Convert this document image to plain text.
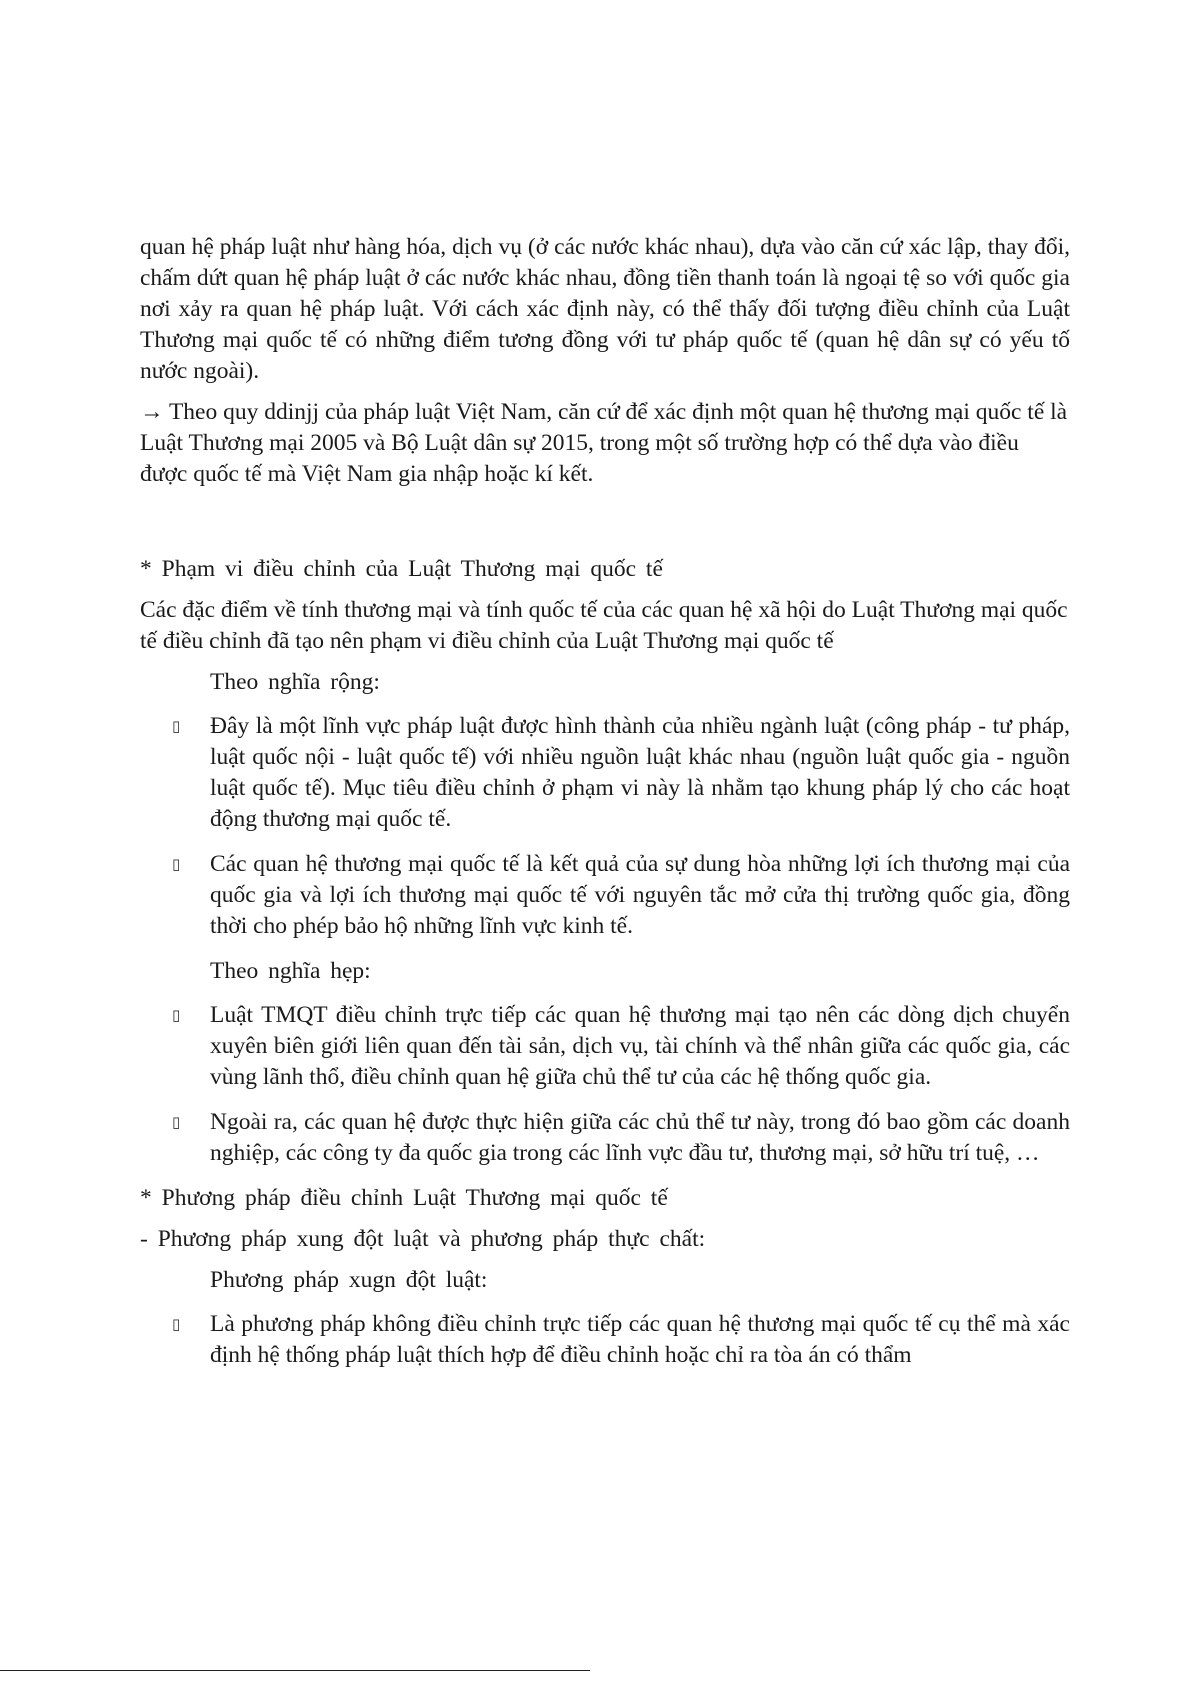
quan hệ pháp luật như hàng hóa, dịch vụ (ở các nước khác nhau), dựa vào căn cứ xác lập, thay đổi, chấm dứt quan hệ pháp luật ở các nước khác nhau, đồng tiền thanh toán là ngoại tệ so với quốc gia nơi xảy ra quan hệ pháp luật. Với cách xác định này, có thể thấy đối tượng điều chỉnh của Luật Thương mại quốc tế có những điểm tương đồng với tư pháp quốc tế (quan hệ dân sự có yếu tố nước ngoài).

→ Theo quy ddinjj của pháp luật Việt Nam, căn cứ để xác định một quan hệ thương mại quốc tế là Luật Thương mại 2005 và Bộ Luật dân sự 2015, trong một số trường hợp có thể dựa vào điều được quốc tế mà Việt Nam gia nhập hoặc kí kết.

* Phạm vi điều chỉnh của Luật Thương mại quốc tế

Các đặc điểm về tính thương mại và tính quốc tế của các quan hệ xã hội do Luật Thương mại quốc tế điều chỉnh đã tạo nên phạm vi điều chỉnh của Luật Thương mại quốc tế

Theo nghĩa rộng:

▯ Đây là một lĩnh vực pháp luật được hình thành của nhiều ngành luật (công pháp - tư pháp, luật quốc nội - luật quốc tế) với nhiều nguồn luật khác nhau (nguồn luật quốc gia - nguồn luật quốc tế). Mục tiêu điều chỉnh ở phạm vi này là nhằm tạo khung pháp lý cho các hoạt động thương mại quốc tế.
▯ Các quan hệ thương mại quốc tế là kết quả của sự dung hòa những lợi ích thương mại của quốc gia và lợi ích thương mại quốc tế với nguyên tắc mở cửa thị trường quốc gia, đồng thời cho phép bảo hộ những lĩnh vực kinh tế.

Theo nghĩa hẹp:

▯ Luật TMQT điều chỉnh trực tiếp các quan hệ thương mại tạo nên các dòng dịch chuyển xuyên biên giới liên quan đến tài sản, dịch vụ, tài chính và thể nhân giữa các quốc gia, các vùng lãnh thổ, điều chỉnh quan hệ giữa chủ thể tư của các hệ thống quốc gia.
▯ Ngoài ra, các quan hệ được thực hiện giữa các chủ thể tư này, trong đó bao gồm các doanh nghiệp, các công ty đa quốc gia trong các lĩnh vực đầu tư, thương mại, sở hữu trí tuệ, …

* Phương pháp điều chỉnh Luật Thương mại quốc tế

- Phương pháp xung đột luật và phương pháp thực chất:

Phương pháp xugn đột luật:

▯ Là phương pháp không điều chỉnh trực tiếp các quan hệ thương mại quốc tế cụ thể mà xác định hệ thống pháp luật thích hợp để điều chỉnh hoặc chỉ ra tòa án có thẩm
